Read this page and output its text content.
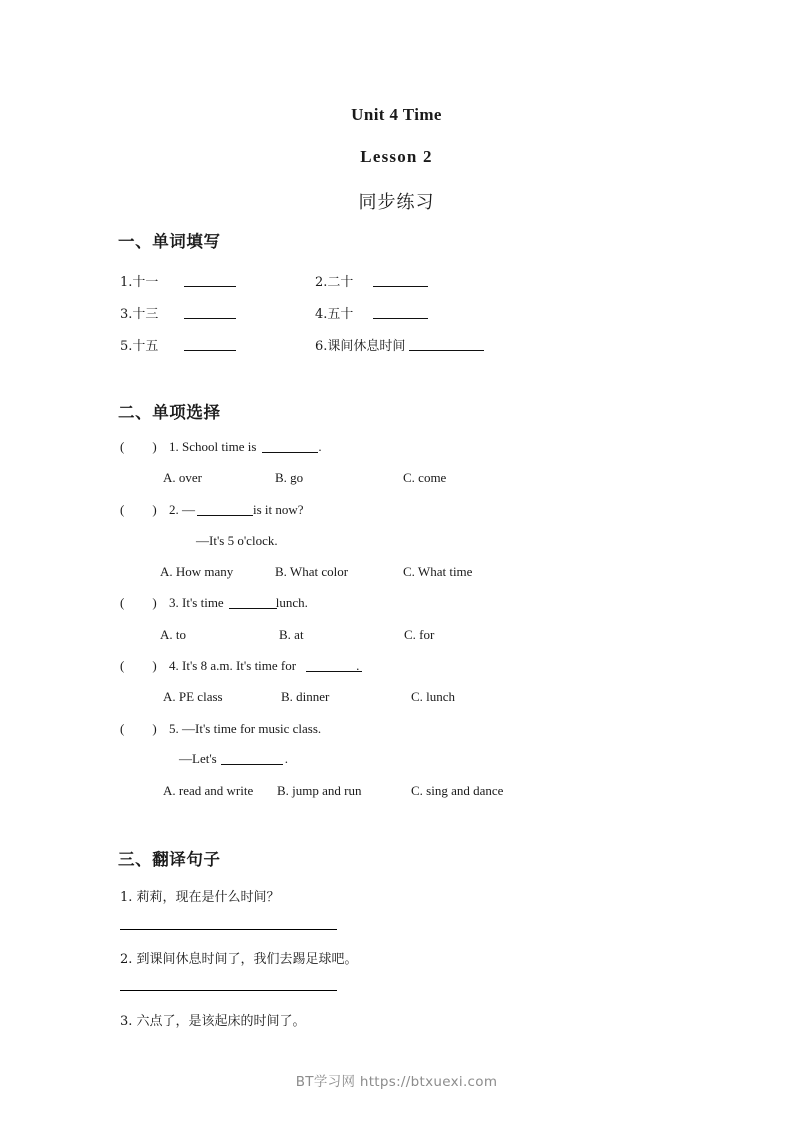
Unit 4 Time
Lesson 2
同步练习
一、单词填写
1.十一	2.二十
3.十三	4.五十
5.十五	6.课间休息时间
二、单项选择
( ) 1. School time is	.
A. over	B. go	C. come
( ) 2. —	is it now?
—It's 5 o'clock.
A. How many	B. What color	C. What time
( ) 3. It's time	lunch.
A. to	B. at	C. for
( ) 4. It's 8 a.m. It's time for	.
A. PE class	B. dinner	C. lunch
( ) 5. —It's time for music class.
—Let's	.
A. read and write B. jump and run	C. sing and dance
三、翻译句子
1. 莉莉，现在是什么时间？
2. 到课间休息时间了，我们去踢足球吧。
3. 六点了，是该起床的时间了。
BT学习网 https://btxuexi.com
